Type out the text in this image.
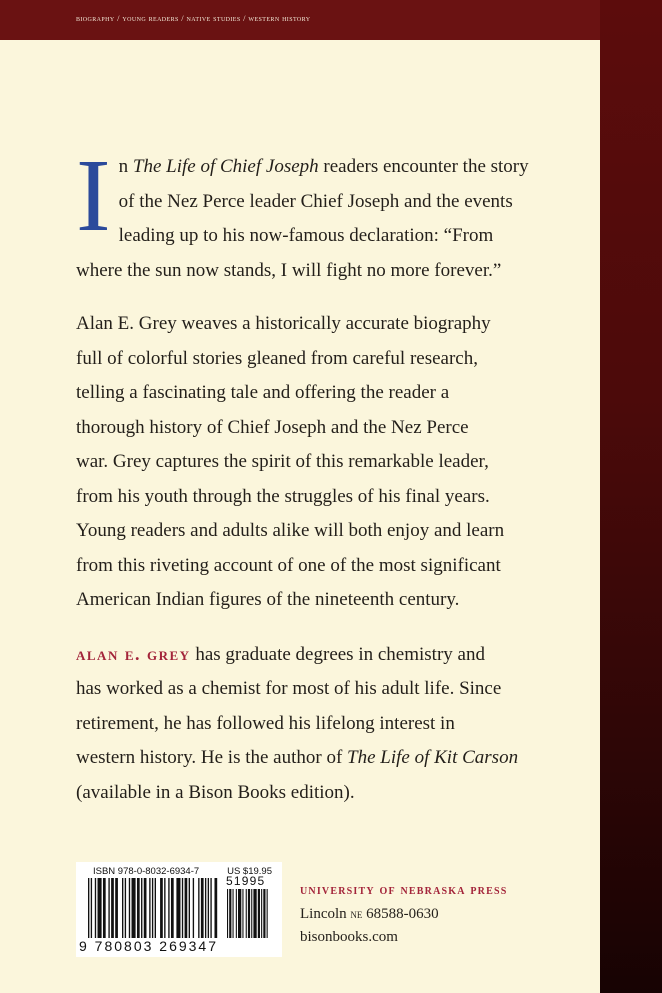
biography / young readers / native studies / western history

I n The Life of Chief Joseph readers encounter the story
of the Nez Perce leader Chief Joseph and the events
leading up to his now-famous declaration: “From
where the sun now stands, I will fight no more forever.”

Alan E. Grey weaves a historically accurate biography
full of colorful stories gleaned from careful research,
telling a fascinating tale and offering the reader a
thorough history of Chief Joseph and the Nez Perce
war. Grey captures the spirit of this remarkable leader,
from his youth through the struggles of his final years.
Young readers and adults alike will both enjoy and learn
from this riveting account of one of the most significant
American Indian figures of the nineteenth century.

alan e. grey has graduate degrees in chemistry and
has worked as a chemist for most of his adult life. Since
retirement, he has followed his lifelong interest in
western history. He is the author of The Life of Kit Carson
(available in a Bison Books edition).

ISBN 978-0-8032-6934-7	US $19.95
51995
9 780803 269347
university of nebraska press
Lincoln ne 68588-0630
bisonbooks.com
